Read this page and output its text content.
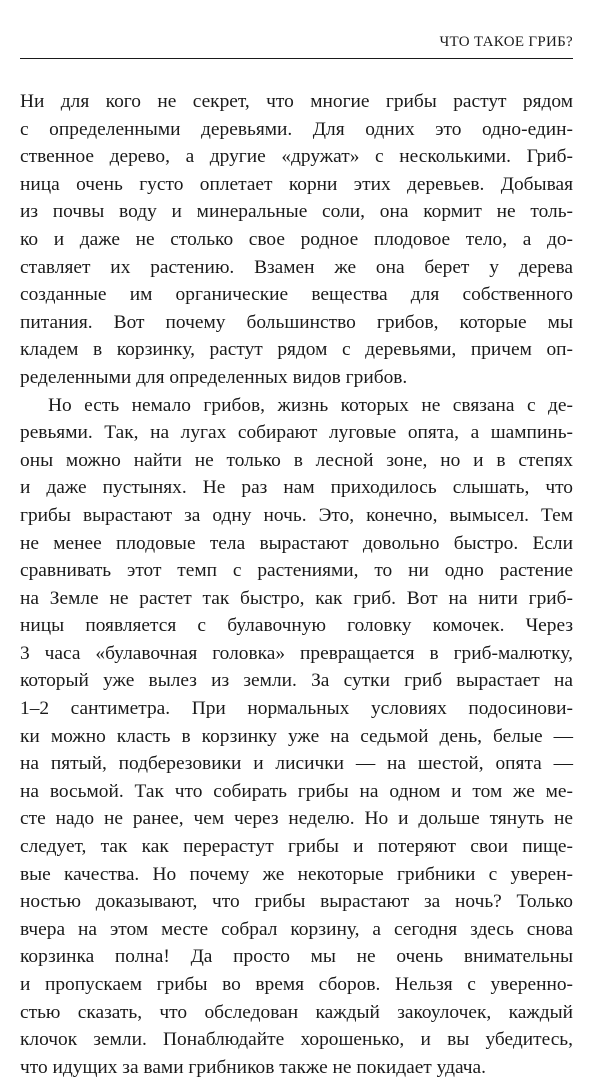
ЧТО ТАКОЕ ГРИБ?
Ни для кого не секрет, что многие грибы растут рядом
с определенными деревьями. Для одних это одно-един-
ственное дерево, а другие «дружат» с несколькими. Гриб-
ница очень густо оплетает корни этих деревьев. Добывая
из почвы воду и минеральные соли, она кормит не толь-
ко и даже не столько свое родное плодовое тело, а до-
ставляет их растению. Взамен же она берет у дерева
созданные им органические вещества для собственного
питания. Вот почему большинство грибов, которые мы
кладем в корзинку, растут рядом с деревьями, причем оп-
ределенными для определенных видов грибов.
Но есть немало грибов, жизнь которых не связана с де-
ревьями. Так, на лугах собирают луговые опята, а шампинь-
оны можно найти не только в лесной зоне, но и в степях
и даже пустынях. Не раз нам приходилось слышать, что
грибы вырастают за одну ночь. Это, конечно, вымысел. Тем
не менее плодовые тела вырастают довольно быстро. Если
сравнивать этот темп с растениями, то ни одно растение
на Земле не растет так быстро, как гриб. Вот на нити гриб-
ницы появляется с булавочную головку комочек. Через
3 часа «булавочная головка» превращается в гриб-малютку,
который уже вылез из земли. За сутки гриб вырастает на
1–2 сантиметра. При нормальных условиях подосинови-
ки можно класть в корзинку уже на седьмой день, белые —
на пятый, подберезовики и лисички — на шестой, опята —
на восьмой. Так что собирать грибы на одном и том же ме-
сте надо не ранее, чем через неделю. Но и дольше тянуть не
следует, так как перерастут грибы и потеряют свои пище-
вые качества. Но почему же некоторые грибники с уверен-
ностью доказывают, что грибы вырастают за ночь? Только
вчера на этом месте собрал корзину, а сегодня здесь снова
корзинка полна! Да просто мы не очень внимательны
и пропускаем грибы во время сборов. Нельзя с уверенно-
стью сказать, что обследован каждый закоулочек, каждый
клочок земли. Понаблюдайте хорошенько, и вы убедитесь,
что идущих за вами грибников также не покидает удача.
